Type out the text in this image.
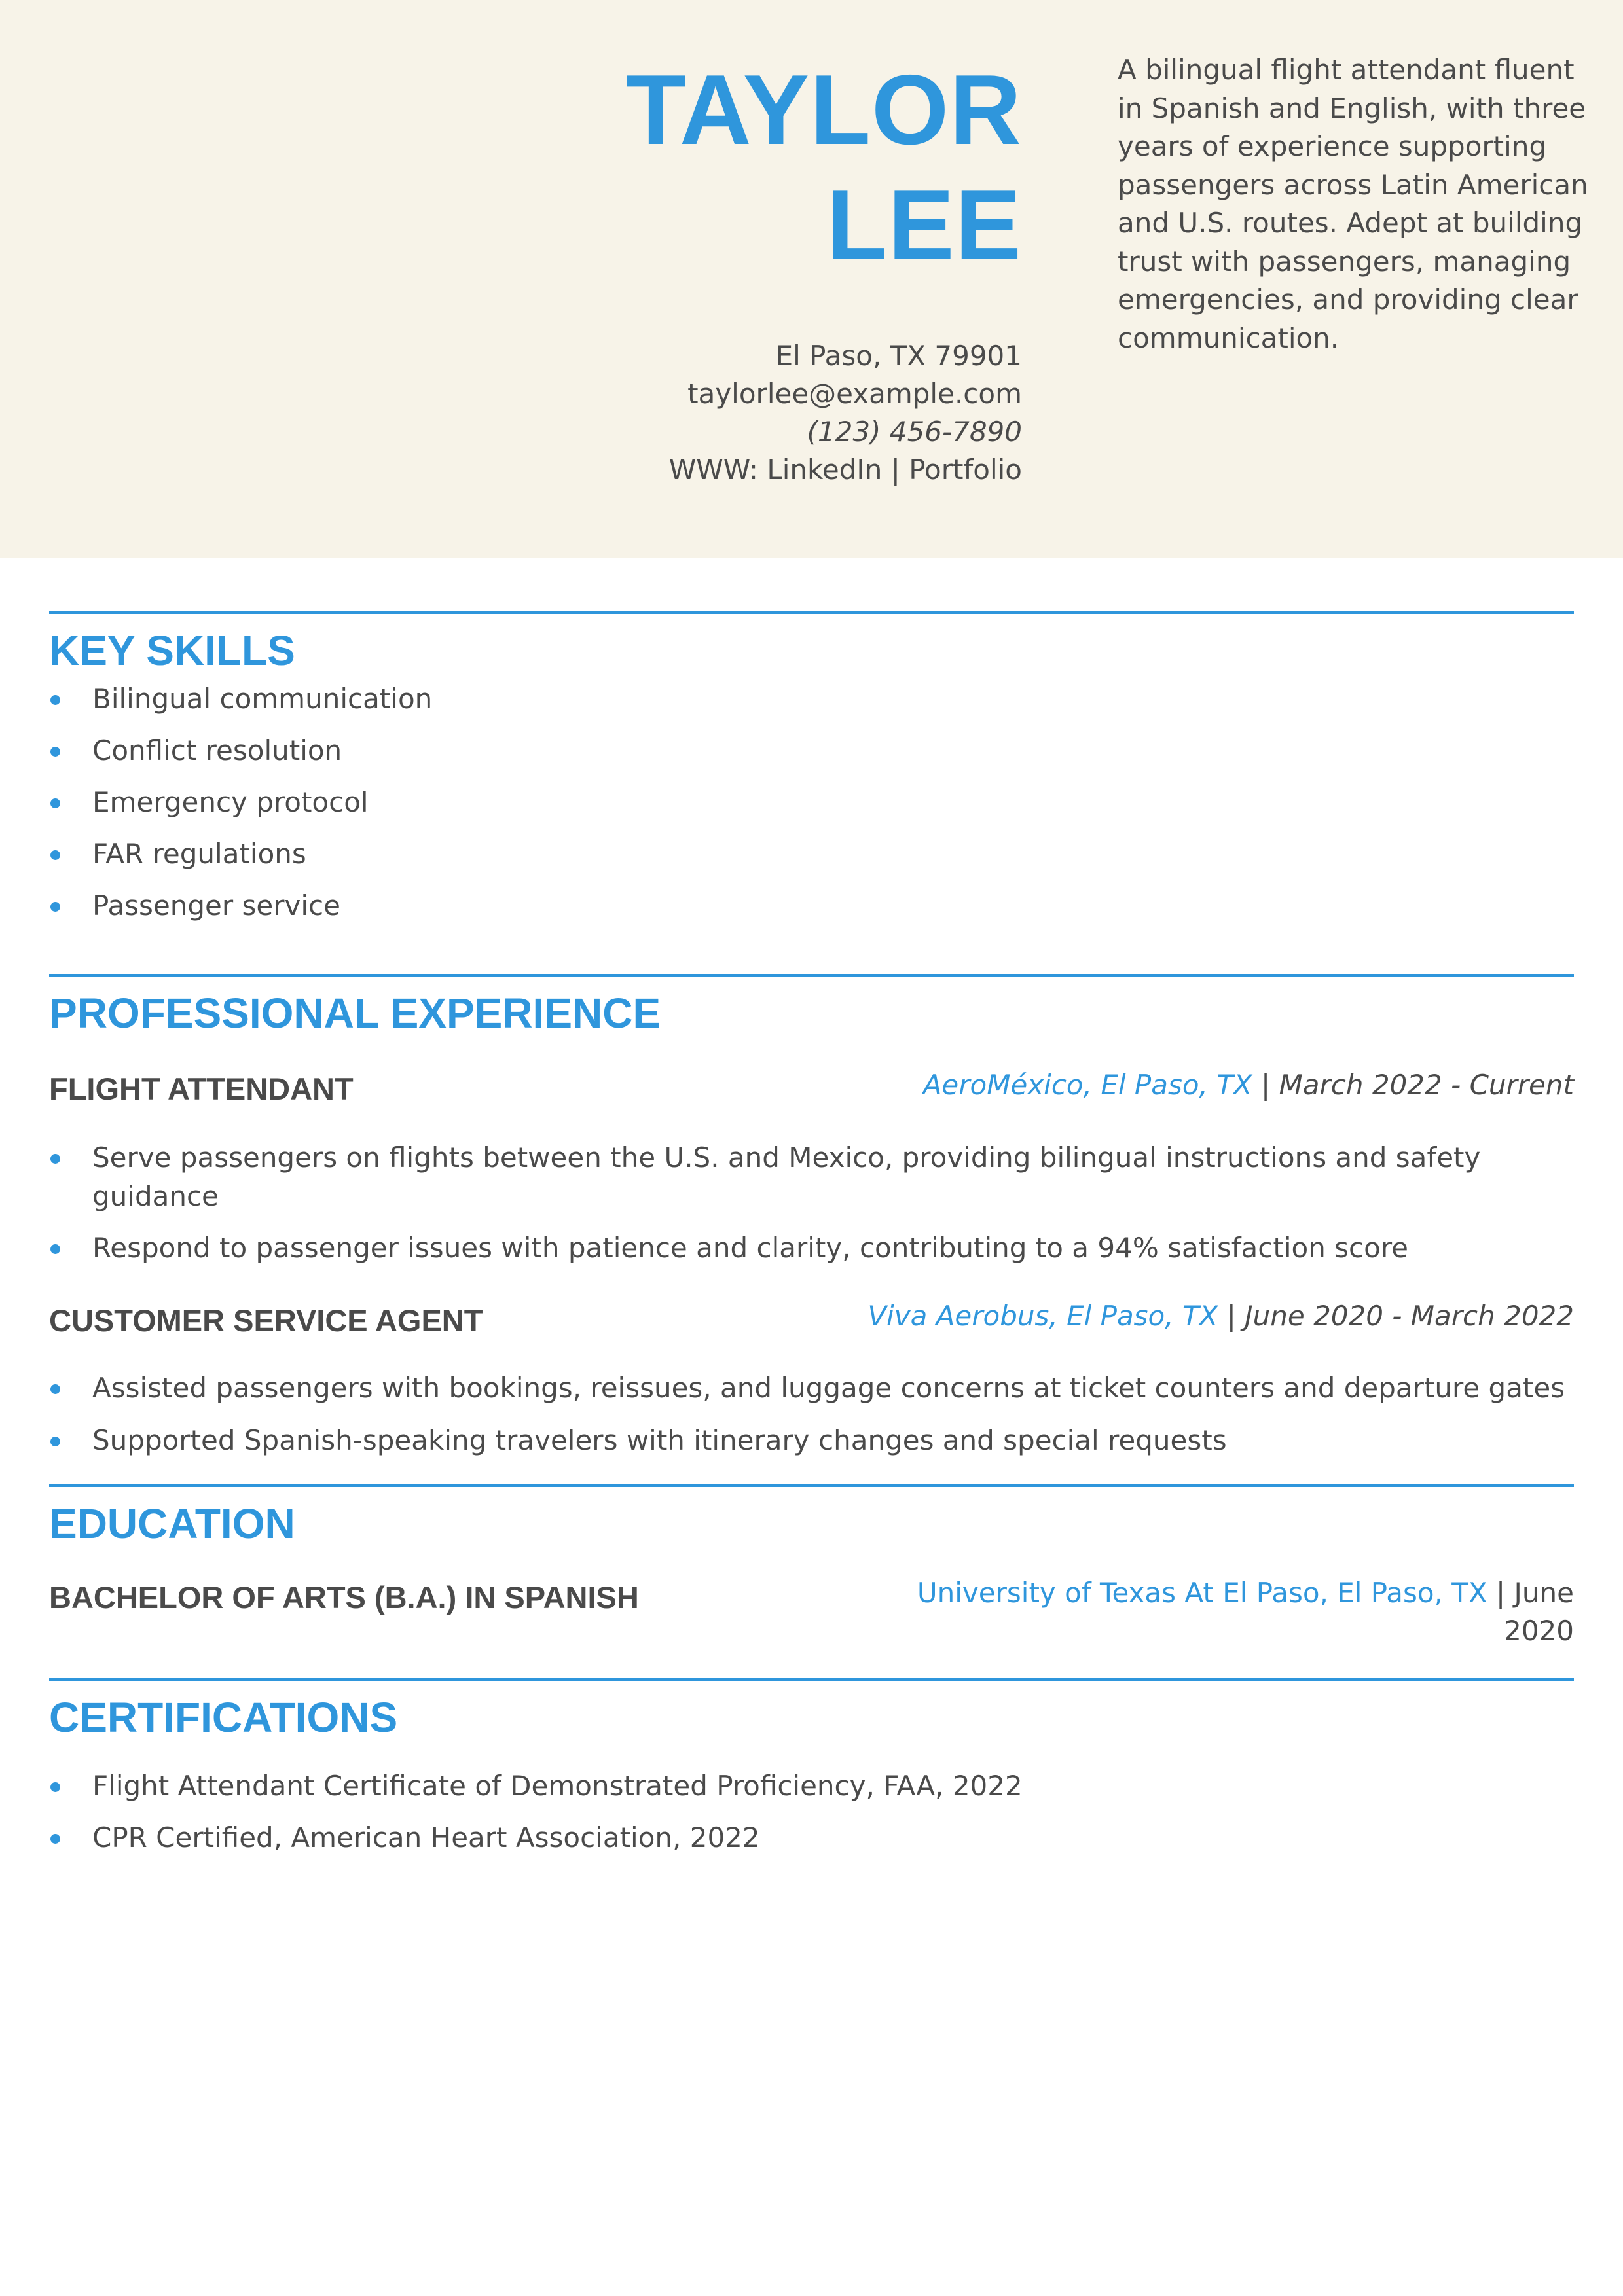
TAYLOR
LEE
El Paso, TX 79901
taylorlee@example.com
(123) 456-7890
WWW: LinkedIn | Portfolio
A bilingual flight attendant fluent in Spanish and English, with three years of experience supporting passengers across Latin American and U.S. routes. Adept at building trust with passengers, managing emergencies, and providing clear communication.
KEY SKILLS
Bilingual communication
Conflict resolution
Emergency protocol
FAR regulations
Passenger service
PROFESSIONAL EXPERIENCE
FLIGHT ATTENDANT	AeroMéxico, El Paso, TX | March 2022 - Current
Serve passengers on flights between the U.S. and Mexico, providing bilingual instructions and safety guidance
Respond to passenger issues with patience and clarity, contributing to a 94% satisfaction score
CUSTOMER SERVICE AGENT	Viva Aerobus, El Paso, TX | June 2020 - March 2022
Assisted passengers with bookings, reissues, and luggage concerns at ticket counters and departure gates
Supported Spanish-speaking travelers with itinerary changes and special requests
EDUCATION
BACHELOR OF ARTS (B.A.) IN SPANISH	University of Texas At El Paso, El Paso, TX | June 2020
CERTIFICATIONS
Flight Attendant Certificate of Demonstrated Proficiency, FAA, 2022
CPR Certified, American Heart Association, 2022
